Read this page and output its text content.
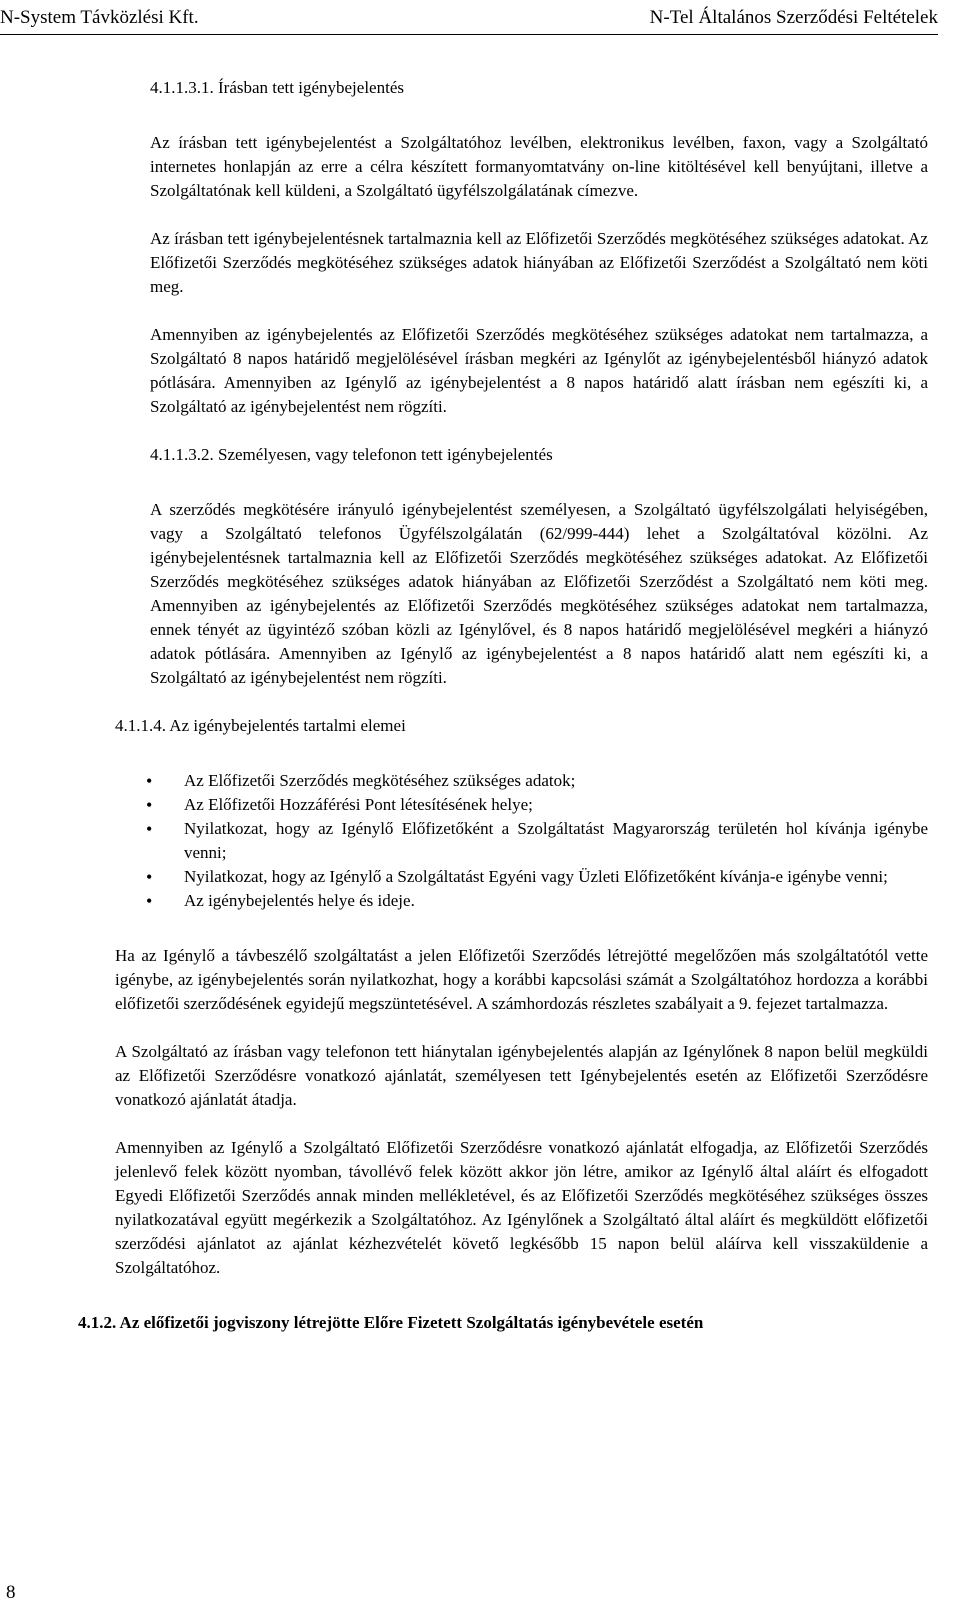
N-System Távközlési Kft.	N-Tel Általános Szerződési Feltételek
4.1.1.3.1. Írásban tett igénybejelentés
Az írásban tett igénybejelentést a Szolgáltatóhoz levélben, elektronikus levélben, faxon, vagy a Szolgáltató internetes honlapján az erre a célra készített formanyomtatvány on-line kitöltésével kell benyújtani, illetve a Szolgáltatónak kell küldeni, a Szolgáltató ügyfélszolgálatának címezve.
Az írásban tett igénybejelentésnek tartalmaznia kell az Előfizetői Szerződés megkötéséhez szükséges adatokat. Az Előfizetői Szerződés megkötéséhez szükséges adatok hiányában az Előfizetői Szerződést a Szolgáltató nem köti meg.
Amennyiben az igénybejelentés az Előfizetői Szerződés megkötéséhez szükséges adatokat nem tartalmazza, a Szolgáltató 8 napos határidő megjelölésével írásban megkéri az Igénylőt az igénybejelentésből hiányzó adatok pótlására. Amennyiben az Igénylő az igénybejelentést a 8 napos határidő alatt írásban nem egészíti ki, a Szolgáltató az igénybejelentést nem rögzíti.
4.1.1.3.2. Személyesen, vagy telefonon tett igénybejelentés
A szerződés megkötésére irányuló igénybejelentést személyesen, a Szolgáltató ügyfélszolgálati helyiségében, vagy a Szolgáltató telefonos Ügyfélszolgálatán (62/999-444) lehet a Szolgáltatóval közölni. Az igénybejelentésnek tartalmaznia kell az Előfizetői Szerződés megkötéséhez szükséges adatokat. Az Előfizetői Szerződés megkötéséhez szükséges adatok hiányában az Előfizetői Szerződést a Szolgáltató nem köti meg. Amennyiben az igénybejelentés az Előfizetői Szerződés megkötéséhez szükséges adatokat nem tartalmazza, ennek tényét az ügyintéző szóban közli az Igénylővel, és 8 napos határidő megjelölésével megkéri a hiányzó adatok pótlására. Amennyiben az Igénylő az igénybejelentést a 8 napos határidő alatt nem egészíti ki, a Szolgáltató az igénybejelentést nem rögzíti.
4.1.1.4. Az igénybejelentés tartalmi elemei
• Az Előfizetői Szerződés megkötéséhez szükséges adatok;
• Az Előfizetői Hozzáférési Pont létesítésének helye;
• Nyilatkozat, hogy az Igénylő Előfizetőként a Szolgáltatást Magyarország területén hol kívánja igénybe venni;
• Nyilatkozat, hogy az Igénylő a Szolgáltatást Egyéni vagy Üzleti Előfizetőként kívánja-e igénybe venni;
• Az igénybejelentés helye és ideje.
Ha az Igénylő a távbeszélő szolgáltatást a jelen Előfizetői Szerződés létrejötté megelőzően más szolgáltatótól vette igénybe, az igénybejelentés során nyilatkozhat, hogy a korábbi kapcsolási számát a Szolgáltatóhoz hordozza a korábbi előfizetői szerződésének egyidejű megszüntetésével. A számhordozás részletes szabályait a 9. fejezet tartalmazza.
A Szolgáltató az írásban vagy telefonon tett hiánytalan igénybejelentés alapján az Igénylőnek 8 napon belül megküldi az Előfizetői Szerződésre vonatkozó ajánlatát, személyesen tett Igénybejelentés esetén az Előfizetői Szerződésre vonatkozó ajánlatát átadja.
Amennyiben az Igénylő a Szolgáltató Előfizetői Szerződésre vonatkozó ajánlatát elfogadja, az Előfizetői Szerződés jelenlevő felek között nyomban, távollévő felek között akkor jön létre, amikor az Igénylő által aláírt és elfogadott Egyedi Előfizetői Szerződés annak minden mellékletével, és az Előfizetői Szerződés megkötéséhez szükséges összes nyilatkozatával együtt megérkezik a Szolgáltatóhoz. Az Igénylőnek a Szolgáltató által aláírt és megküldött előfizetői szerződési ajánlatot az ajánlat kézhezvételét követő legkésőbb 15 napon belül aláírva kell visszaküldenie a Szolgáltatóhoz.
4.1.2. Az előfizetői jogviszony létrejötte Előre Fizetett Szolgáltatás igénybevétele esetén
8
